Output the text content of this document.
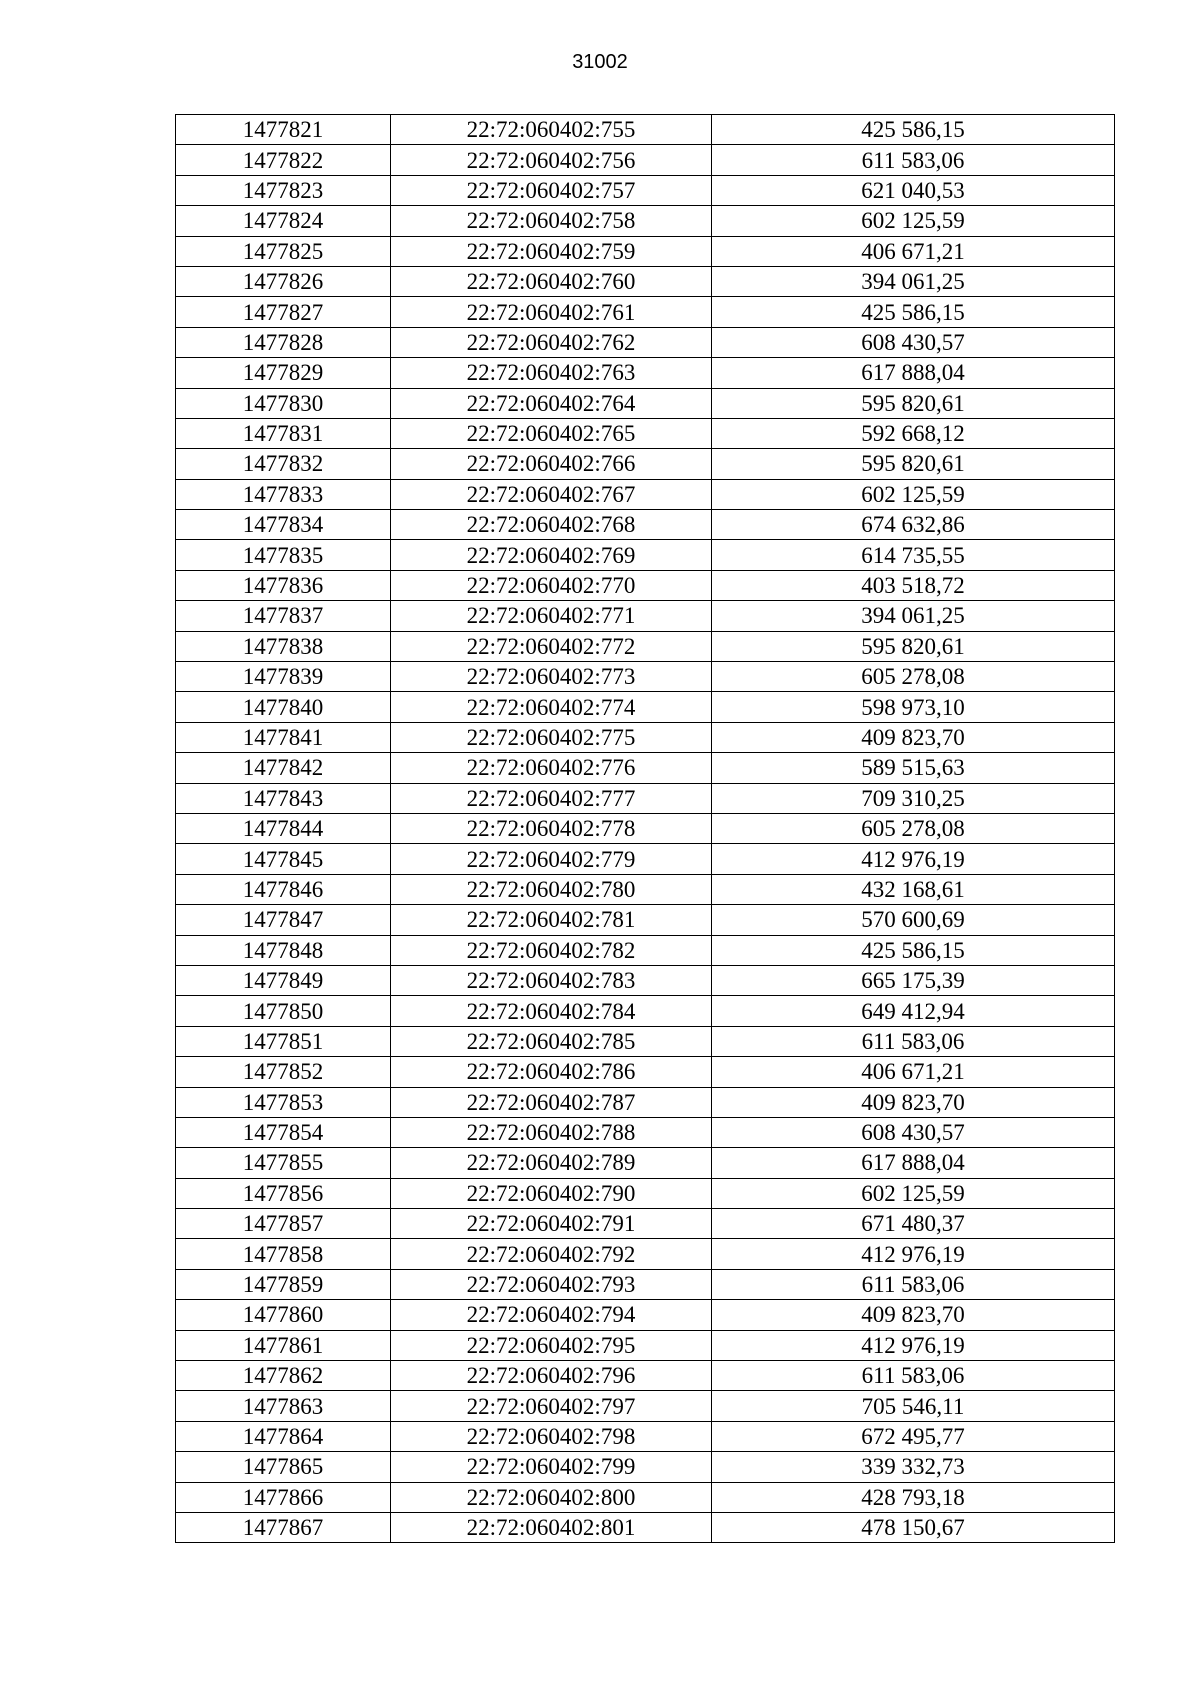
31002
1477821	22:72:060402:755	425 586,15
1477822	22:72:060402:756	611 583,06
1477823	22:72:060402:757	621 040,53
1477824	22:72:060402:758	602 125,59
1477825	22:72:060402:759	406 671,21
1477826	22:72:060402:760	394 061,25
1477827	22:72:060402:761	425 586,15
1477828	22:72:060402:762	608 430,57
1477829	22:72:060402:763	617 888,04
1477830	22:72:060402:764	595 820,61
1477831	22:72:060402:765	592 668,12
1477832	22:72:060402:766	595 820,61
1477833	22:72:060402:767	602 125,59
1477834	22:72:060402:768	674 632,86
1477835	22:72:060402:769	614 735,55
1477836	22:72:060402:770	403 518,72
1477837	22:72:060402:771	394 061,25
1477838	22:72:060402:772	595 820,61
1477839	22:72:060402:773	605 278,08
1477840	22:72:060402:774	598 973,10
1477841	22:72:060402:775	409 823,70
1477842	22:72:060402:776	589 515,63
1477843	22:72:060402:777	709 310,25
1477844	22:72:060402:778	605 278,08
1477845	22:72:060402:779	412 976,19
1477846	22:72:060402:780	432 168,61
1477847	22:72:060402:781	570 600,69
1477848	22:72:060402:782	425 586,15
1477849	22:72:060402:783	665 175,39
1477850	22:72:060402:784	649 412,94
1477851	22:72:060402:785	611 583,06
1477852	22:72:060402:786	406 671,21
1477853	22:72:060402:787	409 823,70
1477854	22:72:060402:788	608 430,57
1477855	22:72:060402:789	617 888,04
1477856	22:72:060402:790	602 125,59
1477857	22:72:060402:791	671 480,37
1477858	22:72:060402:792	412 976,19
1477859	22:72:060402:793	611 583,06
1477860	22:72:060402:794	409 823,70
1477861	22:72:060402:795	412 976,19
1477862	22:72:060402:796	611 583,06
1477863	22:72:060402:797	705 546,11
1477864	22:72:060402:798	672 495,77
1477865	22:72:060402:799	339 332,73
1477866	22:72:060402:800	428 793,18
1477867	22:72:060402:801	478 150,67
